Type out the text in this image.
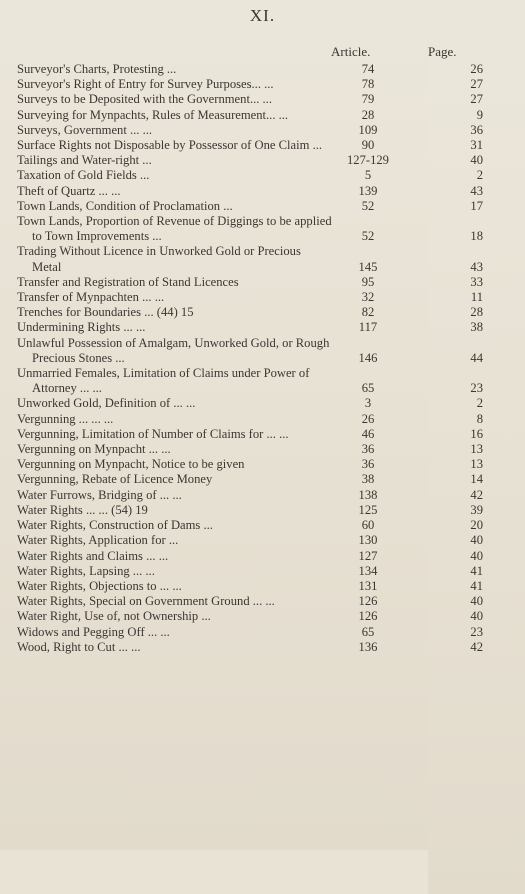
XI.
Article.	Page.
Surveyor's Charts, Protesting ...	74	26
Surveyor's Right of Entry for Survey Purposes... ...	78	27
Surveys to be Deposited with the Government... ...	79	27
Surveying for Mynpachts, Rules of Measurement... ...	28	9
Surveys, Government ... ...	109	36
Surface Rights not Disposable by Possessor of One Claim ...	90	31
Tailings and Water-right ...	127-129	40
Taxation of Gold Fields ...	5	2
Theft of Quartz ... ...	139	43
Town Lands, Condition of Proclamation ...	52	17
Town Lands, Proportion of Revenue of Diggings to be applied to Town Improvements ...	52	18
Trading Without Licence in Unworked Gold or Precious Metal	145	43
Transfer and Registration of Stand Licences	95	33
Transfer of Mynpachten ... ...	32	11
Trenches for Boundaries ... (44) 15	82	28
Undermining Rights ... ...	117	38
Unlawful Possession of Amalgam, Unworked Gold, or Rough Precious Stones ...	146	44
Unmarried Females, Limitation of Claims under Power of Attorney ... ...	65	23
Unworked Gold, Definition of ... ...	3	2
Vergunning ... ... ...	26	8
Vergunning, Limitation of Number of Claims for ... ...	46	16
Vergunning on Mynpacht ... ...	36	13
Vergunning on Mynpacht, Notice to be given	36	13
Vergunning, Rebate of Licence Money	38	14
Water Furrows, Bridging of ... ...	138	42
Water Rights ... ... (54) 19	125	39
Water Rights, Construction of Dams ...	60	20
Water Rights, Application for ...	130	40
Water Rights and Claims ... ...	127	40
Water Rights, Lapsing ... ...	134	41
Water Rights, Objections to ... ...	131	41
Water Rights, Special on Government Ground ... ...	126	40
Water Right, Use of, not Ownership ...	126	40
Widows and Pegging Off ... ...	65	23
Wood, Right to Cut ... ...	136	42
